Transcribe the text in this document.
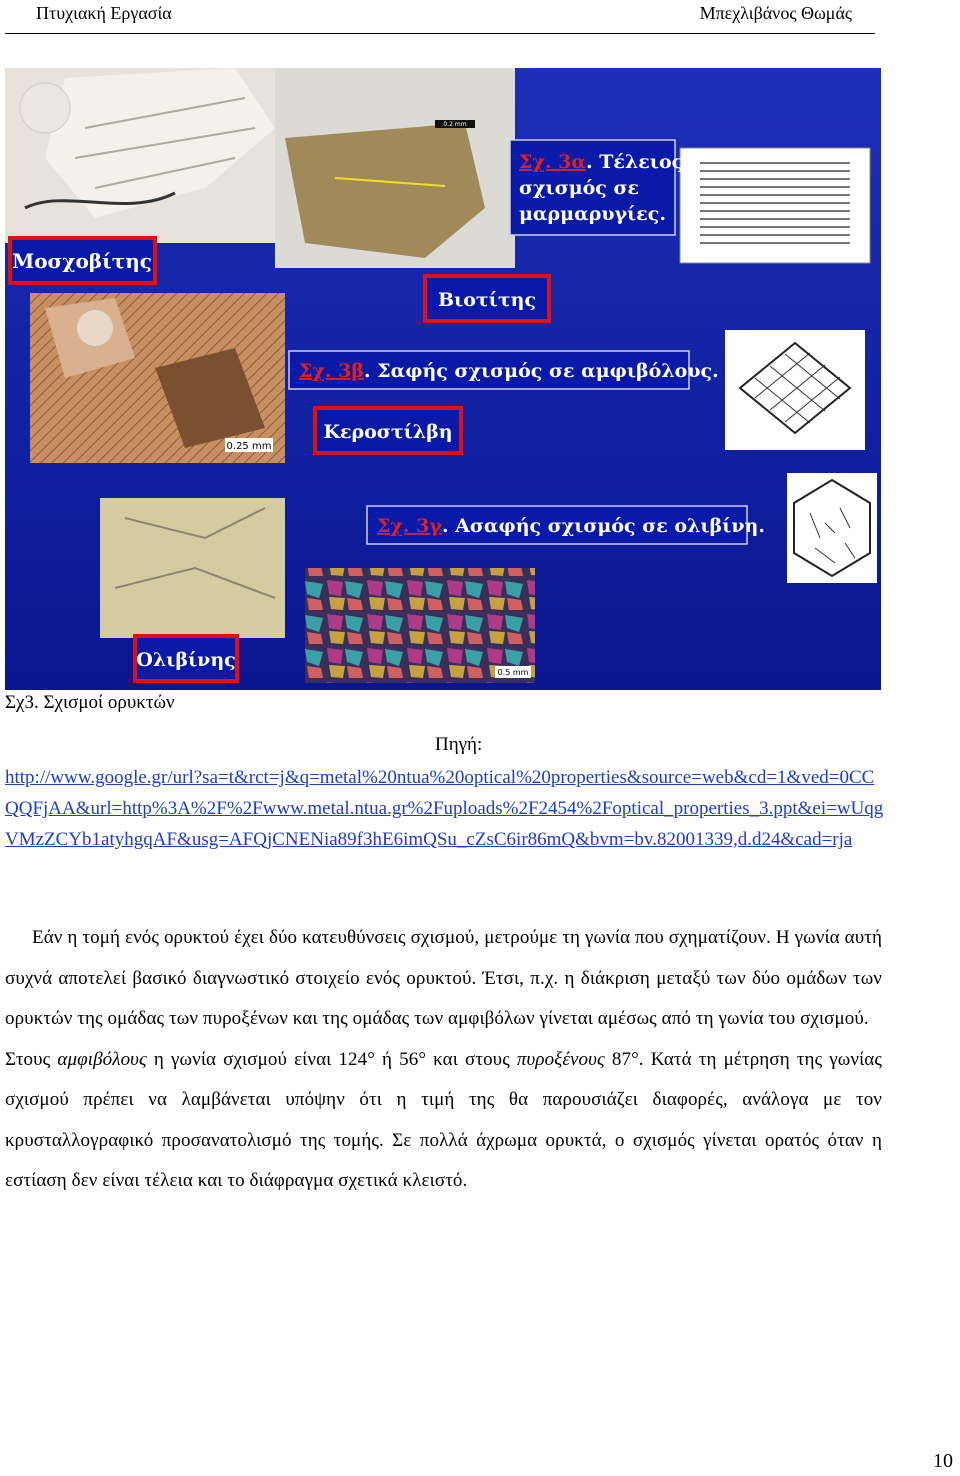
Πτυχιακή Εργασία	Μπεχλιβάνος Θωμάς
0.2 mm
0.25 mm
0.5 mm
Μοσχοβίτης
Βιοτίτης
Κεροστίλβη
Ολιβίνης
Σχ. 3α. Τέλειος
σχισμός σε
μαρμαρυγίες.
Σχ. 3β. Σαφής σχισμός σε αμφιβόλους.
Σχ. 3γ. Ασαφής σχισμός σε ολιβίνη.
Σχ3. Σχισμοί ορυκτών
Πηγή:
http://www.google.gr/url?sa=t&rct=j&q=metal%20ntua%20optical%20properties&source=web&cd=1&ved=0CCQQFjAA&url=http%3A%2F%2Fwww.metal.ntua.gr%2Fuploads%2F2454%2Foptical_properties_3.ppt&ei=wUqgVMzZCYb1atyhgqAF&usg=AFQjCNENia89f3hE6imQSu_cZsC6ir86mQ&bvm=bv.82001339,d.d24&cad=rja

Εάν η τομή ενός ορυκτού έχει δύο κατευθύνσεις σχισμού, μετρούμε τη γωνία που σχηματίζουν. Η γωνία αυτή συχνά αποτελεί βασικό διαγνωστικό στοιχείο ενός ορυκτού. Έτσι, π.χ. η διάκριση μεταξύ των δύο ομάδων των ορυκτών της ομάδας των πυροξένων και της ομάδας των αμφιβόλων γίνεται αμέσως από τη γωνία του σχισμού.

Στους αμφιβόλους η γωνία σχισμού είναι 124° ή 56° και στους πυροξένους 87°. Κατά τη μέτρηση της γωνίας σχισμού πρέπει να λαμβάνεται υπόψην ότι η τιμή της θα παρουσιάζει διαφορές, ανάλογα με τον κρυσταλλογραφικό προσανατολισμό της τομής. Σε πολλά άχρωμα ορυκτά, ο σχισμός γίνεται ορατός όταν η εστίαση δεν είναι τέλεια και το διάφραγμα σχετικά κλειστό.

10
